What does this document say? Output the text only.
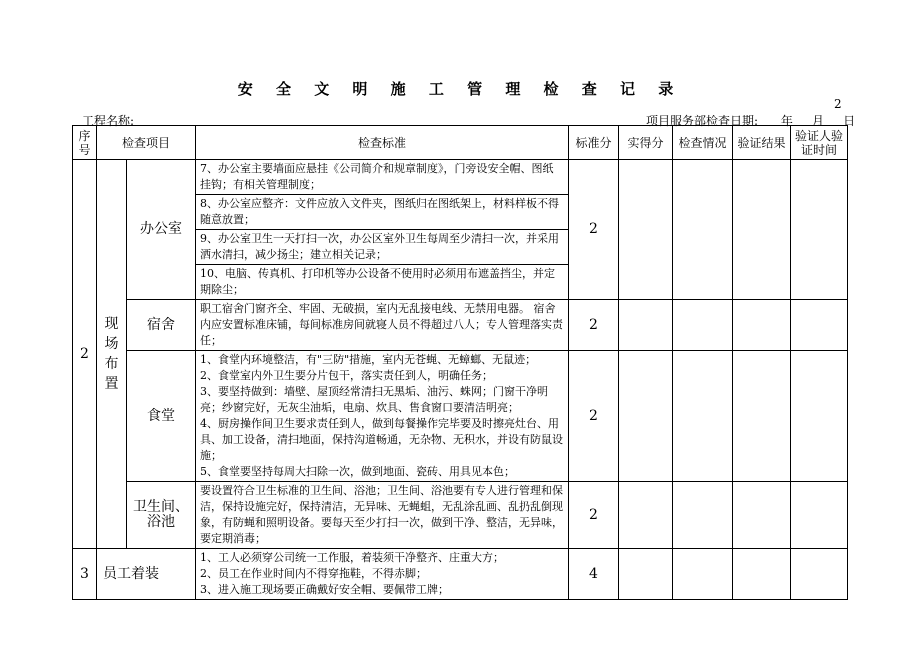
安 全 文 明 施 工 管 理 检 查 记 录
2
工程名称:	项目服务部检查日期:      年     月     日
序号	检查项目		检查标准	标准分	实得分	检查情况	验证结果	验证人验证时间
2	现场布置	办公室	7、办公室主要墙面应悬挂《公司简介和规章制度》，门旁设安全帽、图纸挂钩；有相关管理制度；	2				
			8、办公室应整齐：文件应放入文件夹，图纸归在图纸架上，材料样板不得随意放置；					
			9、办公室卫生一天打扫一次，办公区室外卫生每周至少清扫一次，并采用洒水清扫，减少扬尘；建立相关记录；					
			10、电脑、传真机、打印机等办公设备不使用时必须用布遮盖挡尘，并定期除尘；					
		宿舍	职工宿舍门窗齐全、牢固、无破损，室内无乱接电线、无禁用电器。 宿舍内应安置标准床铺，每间标准房间就寝人员不得超过八人；专人管理落实责任；	2				
		食堂	1、食堂内环境整洁，有"三防"措施，室内无苍蝇、无蟑螂、无鼠迹；
2、食堂室内外卫生要分片包干，落实责任到人，明确任务；
3、要坚持做到：墙壁、屋顶经常清扫无黑垢、油污、蛛网；门窗干净明亮；纱窗完好，无灰尘油垢，电扇、炊具、售食窗口要清洁明亮；
4、厨房操作间卫生要求责任到人，做到每餐操作完毕要及时擦亮灶台、用具、加工设备，清扫地面，保持沟道畅通，无杂物、无积水，并设有防鼠设施；
5、食堂要坚持每周大扫除一次，做到地面、瓷砖、用具见本色；	2				
		卫生间、浴池	要设置符合卫生标准的卫生间、浴池；卫生间、浴池要有专人进行管理和保洁，保持设施完好，保持清洁，无异味、无蝇蛆，无乱涂乱画、乱扔乱倒现象，有防蝇和照明设备。要每天至少打扫一次，做到干净、整洁，无异味，要定期消毒；	2				
3	员工着装		1、工人必须穿公司统一工作服，着装须干净整齐、庄重大方；
2、员工在作业时间内不得穿拖鞋，不得赤脚；
3、进入施工现场要正确戴好安全帽、要佩带工牌；	4				
